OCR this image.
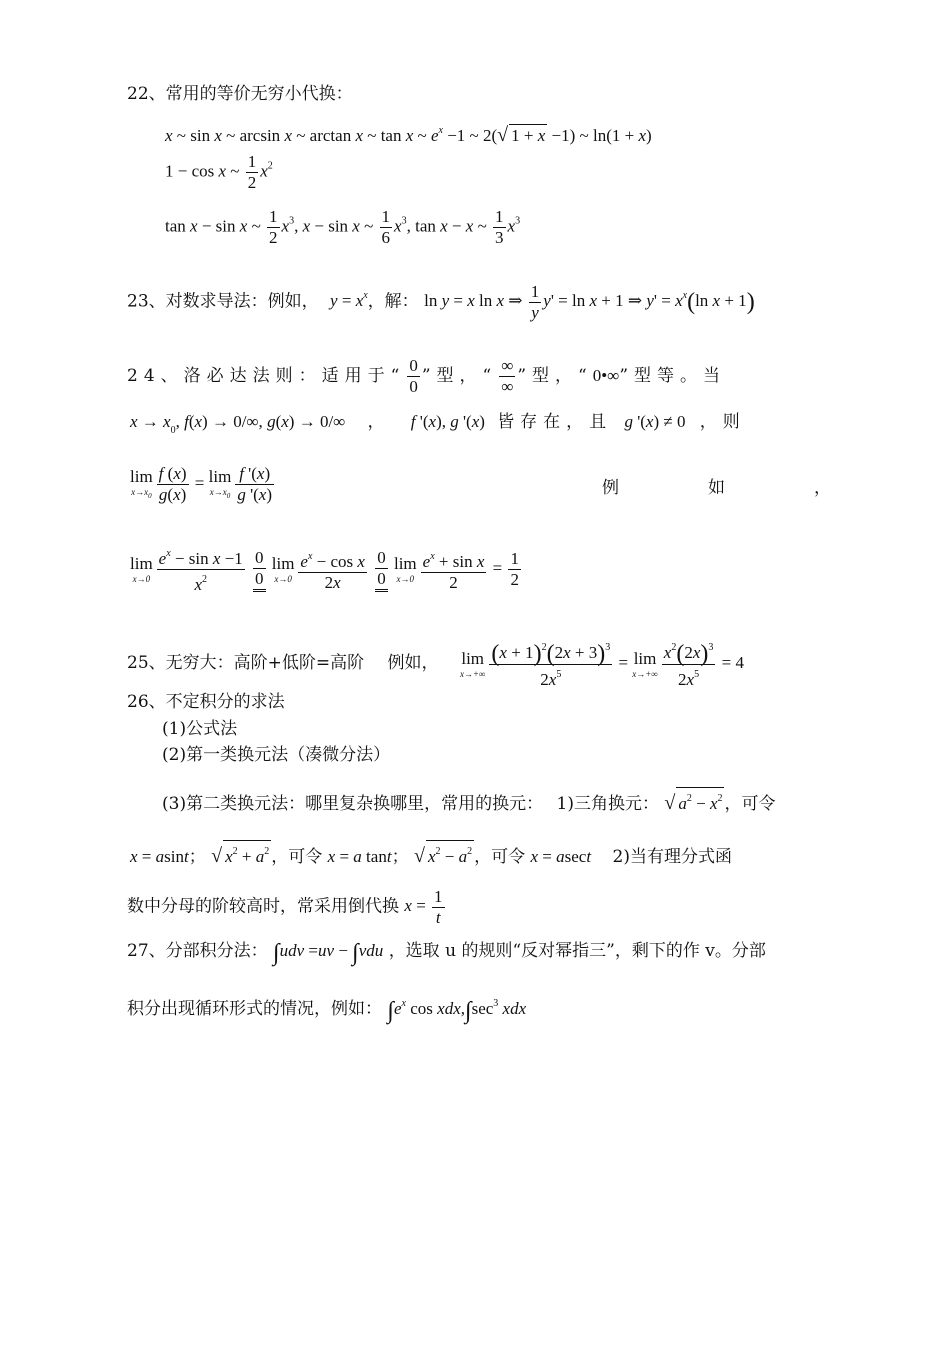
22、常用的等价无穷小代换：
x ~ sin x ~ arcsin x ~ arctan x ~ tan x ~ $e^x -1$ ~ 2(√ 1 + x −1) ~ ln(1 + x)
1 − cos x ~ $\frac{1}{2} x^2$
tan x − sin x ~ $\frac{1}{2} x^3$, x − sin x ~ $\frac{1}{6} x^3$, tan x − x ~ $\frac{1}{3} x^3$
23、对数求导法：例如， $y = x^x$，解： ln y = x ln x ⇒ $\frac{1}{y} y' = \ln x + 1$ ⇒ $y' = x^x(\ln$ x + 1)
24、洛必达法则：适用于“ $\frac{0}{0}$ ”型，“ $\frac{\infty}{\infty}$ ”型，“0•∞”型等。当
$x \to x_0$, f(x) → 0/∞, g(x) → 0/∞ ， f '(x), g '(x) 皆存在，且 g '(x) ≠ 0 ，则
lim
$x\to x_0 \frac{f (x)}{g(x)} = \lim$
$x\to x_0 \frac{f '(x)}{g '(x)}$	例	如	，
lim
$x\to 0 \frac{e^x - \sin x -1}{x^2}$
$\frac{0}{0}$
lim
$x\to 0 \frac{e^x - \cos x}{2x}$
$\frac{0}{0}$
lim
$x\to 0 \frac{e^x + \sin x}{2} = \frac{1}{2}$
25、无穷大：高阶+低阶=高阶 例如， lim
$x\to+\infty \frac{(x + 1)^2(2x + 3)^3}{2x^5} = \lim$
$x\to+\infty \frac{x^2(2x)^3}{2x^5} = 4$
26、不定积分的求法
(1)公式法
(2)第一类换元法（凑微分法）
(3)第二类换元法：哪里复杂换哪里，常用的换元： 1)三角换元： √ $a^2 - x^2$ ，可令
x = asint； √ $x^2 + a^2$ ，可令 x = a tant； √ $x^2 - a^2$ ，可令 x = asect 2)当有理分式函
数中分母的阶较高时，常采用倒代换 $x = \frac{1}{t}$
27、分部积分法： ∫udv =uv − ∫vdu ，选取 u 的规则“反对幂指三”，剩下的作 v。分部
积分出现循环形式的情况，例如： $\int e^x$ $\cos xdx,\int\sec^3$ xdx
